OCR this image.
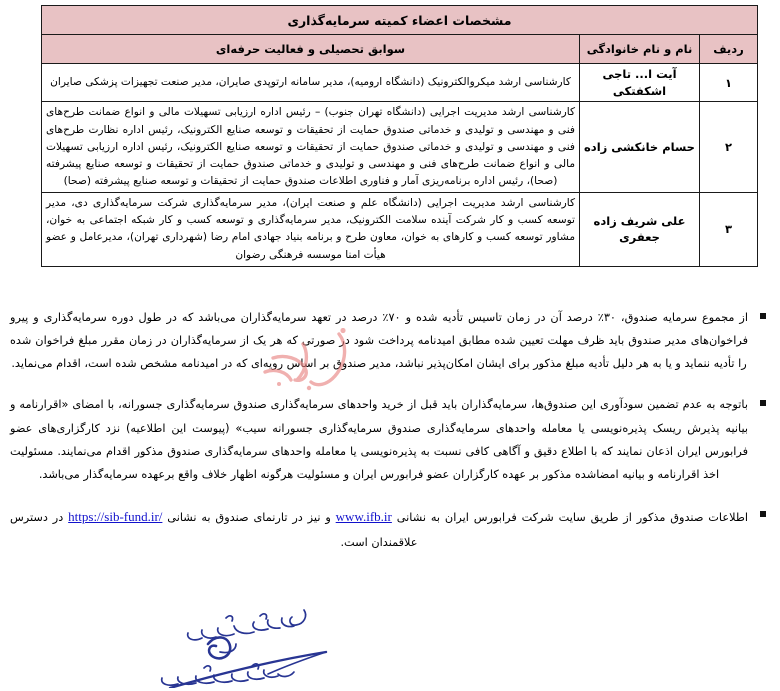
مشخصات اعضاء کمیته سرمایه‌گذاری		
ردیف	نام و نام خانوادگی	سوابق تحصیلی و فعالیت حرفه‌ای
۱	آیت ا... تاجی اشکفتکی	کارشناسی ارشد میکروالکترونیک (دانشگاه ارومیه)، مدیر سامانه ارتوپدی صایران، مدیر صنعت تجهیزات پزشکی صایران
۲	حسام خانکشی زاده	کارشناسی ارشد مدیریت اجرایی (دانشگاه تهران جنوب) – رئیس اداره ارزیابی تسهیلات مالی و انواع ضمانت طرح‌های فنی و مهندسی و تولیدی و خدماتی صندوق حمایت از تحقیقات و توسعه صنایع الکترونیک، رئیس اداره نظارت طرح‌های فنی و مهندسی و تولیدی و خدماتی صندوق حمایت از تحقیقات و توسعه صنایع الکترونیک، رئیس اداره ارزیابی تسهیلات مالی و انواع ضمانت طرح‌های فنی و مهندسی و تولیدی و خدماتی صندوق حمایت از تحقیقات و توسعه صنایع پیشرفته (صحا)، رئیس اداره برنامه‌ریزی آمار و فناوری اطلاعات صندوق حمایت از تحقیقات و توسعه صنایع پیشرفته (صحا)
۳	علی شریف زاده جعفری	کارشناسی ارشد مدیریت اجرایی (دانشگاه علم و صنعت ایران)، مدیر سرمایه‌گذاری شرکت سرمایه‌گذاری دی، مدیر توسعه کسب و کار شرکت آینده سلامت الکترونیک، مدیر سرمایه‌گذاری و توسعه کسب و کار شبکه اجتماعی به خوان، مشاور توسعه کسب و کارهای به خوان، معاون طرح و برنامه بنیاد جهادی امام رضا (شهرداری تهران)، مدیرعامل و عضو هیأت امنا موسسه فرهنگی رضوان
از مجموع سرمایه صندوق، ۳۰٪ درصد آن در زمان تاسیس تأدیه شده و ۷۰٪ درصد در تعهد سرمایه‌گذاران می‌باشد که در طول دوره سرمایه‌گذاری و پیرو فراخوان‌های مدیر صندوق باید ظرف مهلت تعیین شده مطابق امیدنامه پرداخت شود در صورتی که هر یک از سرمایه‌گذاران در زمان مقرر مبلغ فراخوان شده را تأدیه ننماید و یا به هر دلیل تأدیه مبلغ مذکور برای ایشان امکان‌پذیر نباشد، مدیر صندوق بر اساس رویه‌ای که در امیدنامه مشخص شده است، اقدام می‌نماید.
باتوجه به عدم تضمین سودآوری این صندوق‌ها، سرمایه‌گذاران باید قبل از خرید واحدهای سرمایه‌گذاری صندوق سرمایه‌گذاری جسورانه، با امضای «اقرارنامه و بیانیه پذیرش ریسک پذیره‌نویسی یا معامله واحدهای سرمایه‌گذاری صندوق سرمایه‌گذاری جسورانه سیب» (پیوست این اطلاعیه) نزد کارگزاری‌های عضو فرابورس ایران اذعان نمایند که با اطلاع دقیق و آگاهی کافی نسبت به پذیره‌نویسی یا معامله واحدهای سرمایه‌گذاری صندوق مذکور اقدام می‌نمایند. مسئولیت اخذ اقرارنامه و بیانیه امضاشده مذکور بر عهده کارگزاران عضو فرابورس ایران و مسئولیت هرگونه اظهار خلاف واقع برعهده سرمایه‌گذار می‌باشد.
اطلاعات صندوق مذکور از طریق سایت شرکت فرابورس ایران به نشانی www.ifb.ir و نیز در تارنمای صندوق به نشانی https://sib-fund.ir/ در دسترس علاقمندان است.
